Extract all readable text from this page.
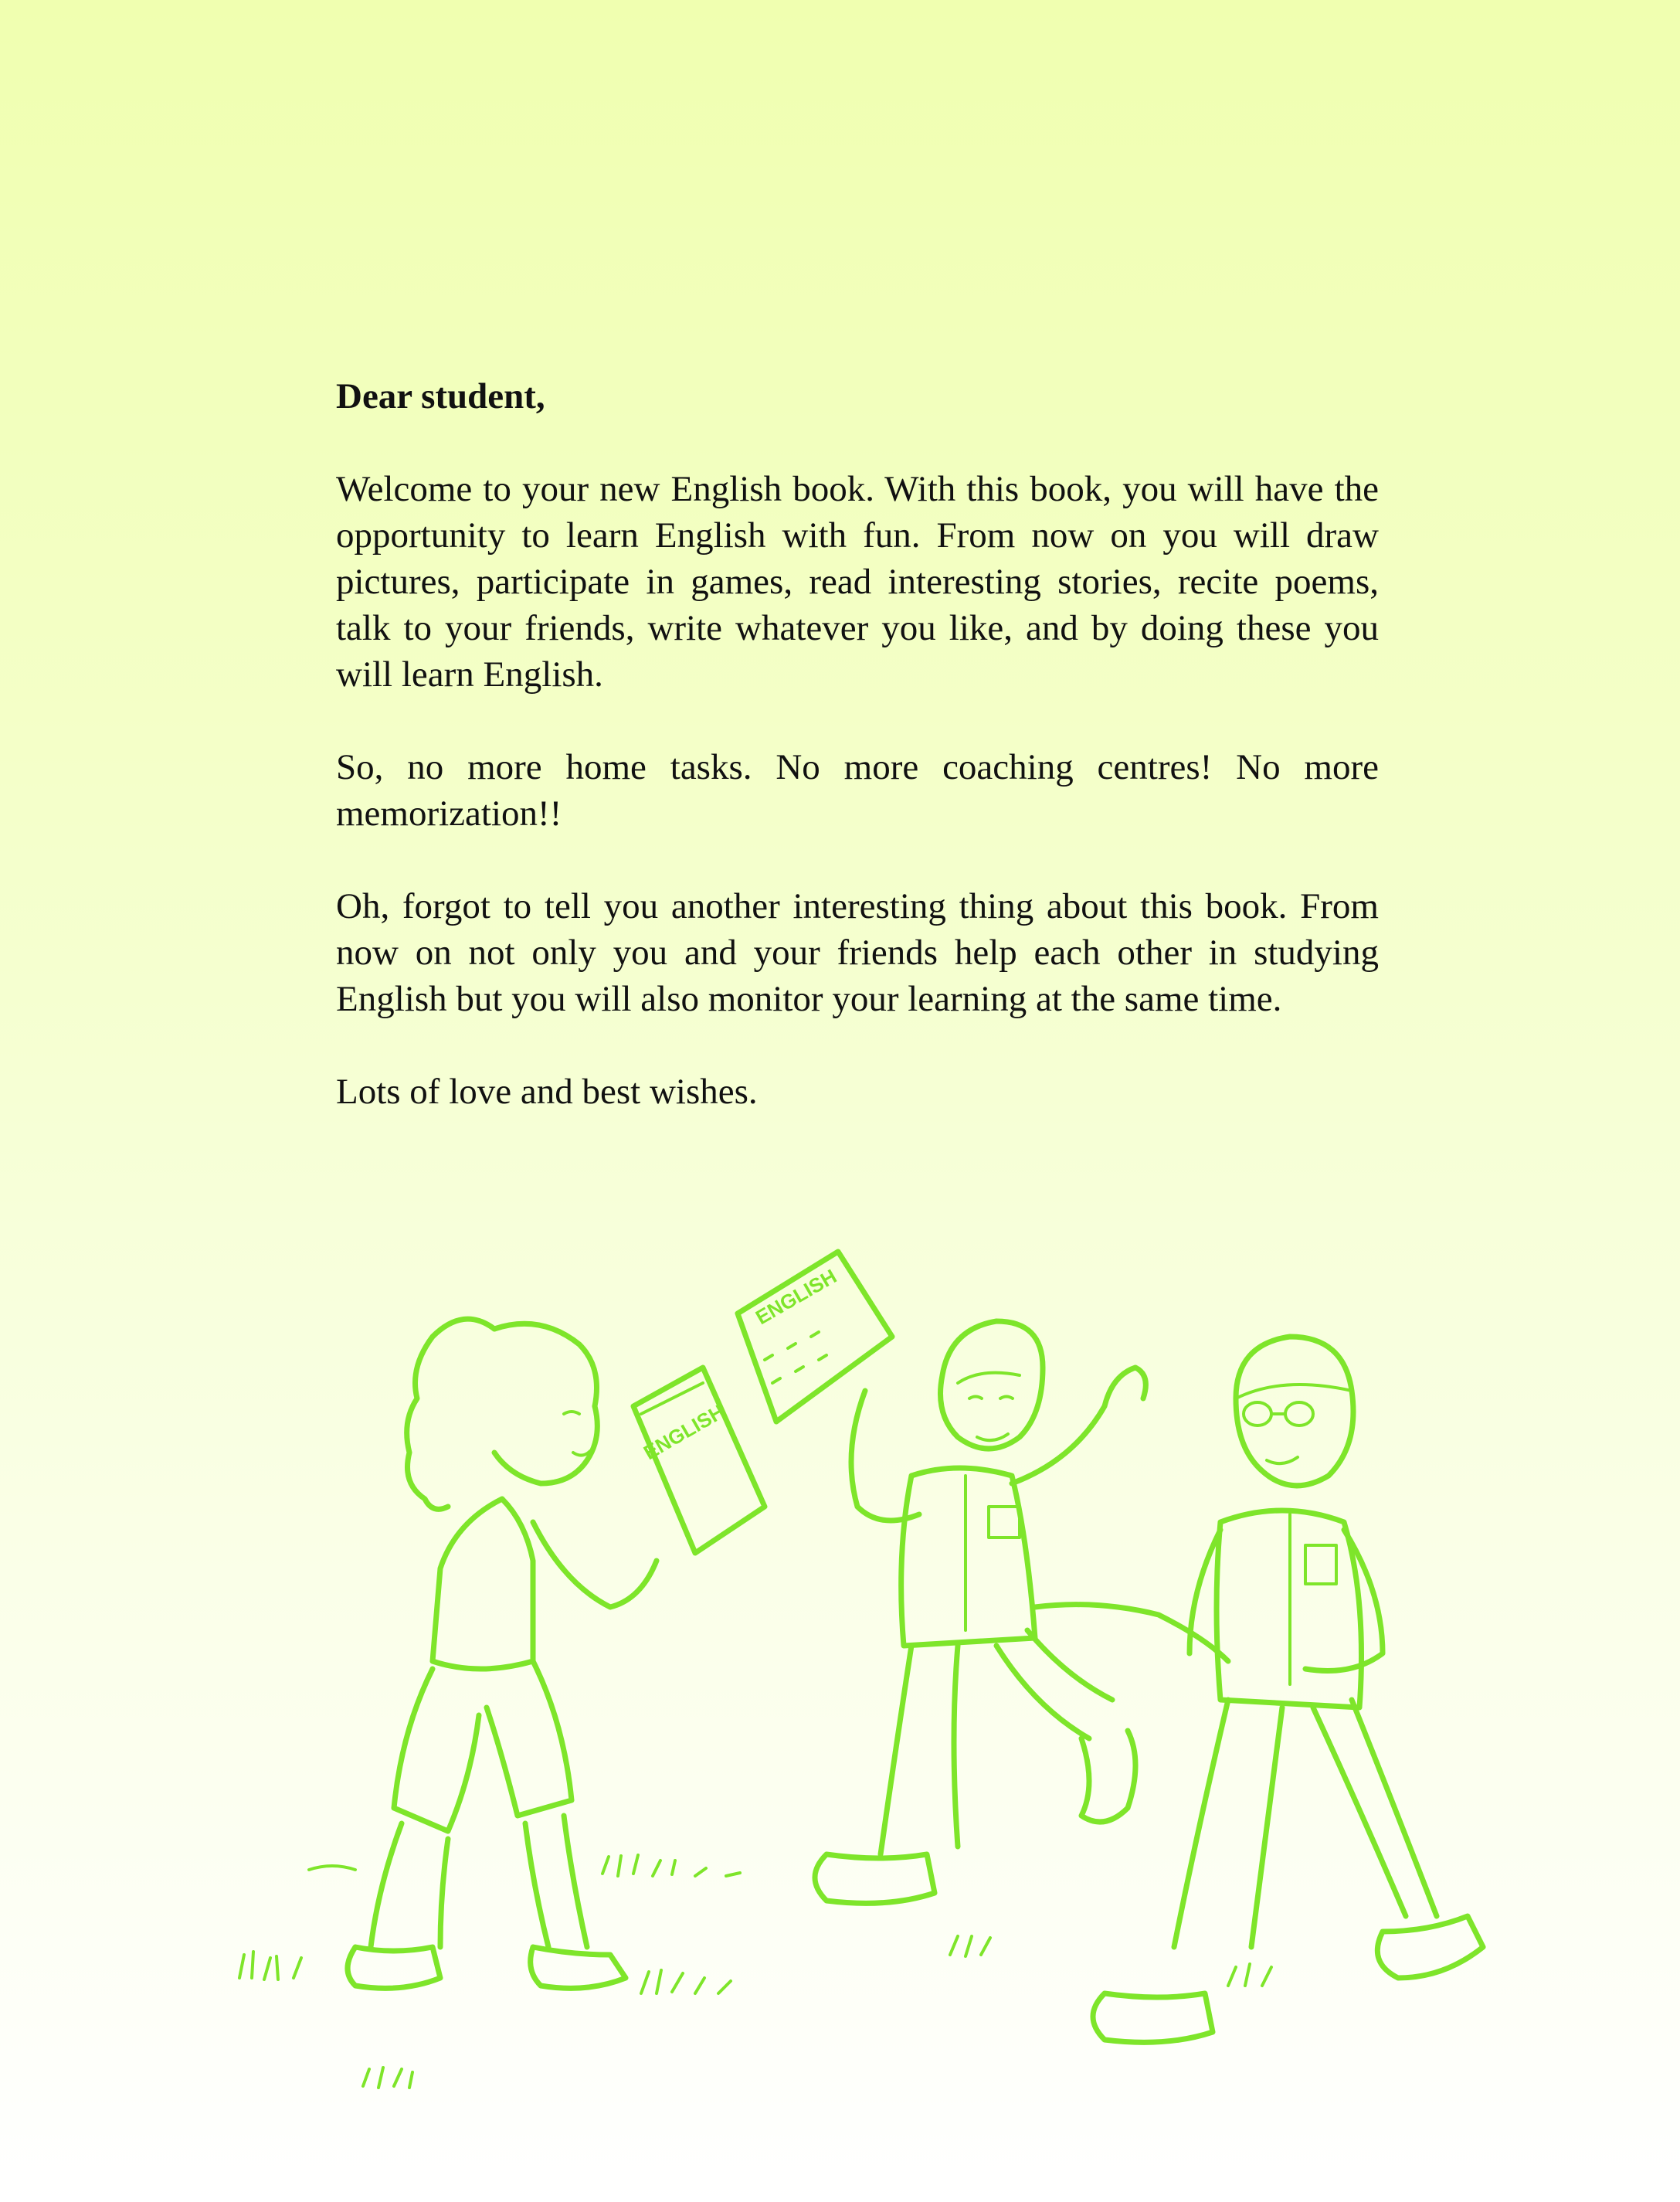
Dear student,

Welcome to your new English book. With this book, you will have the opportunity to learn English with fun. From now on you will draw pictures, participate in games, read interesting stories, recite poems, talk to your friends, write whatever you like, and by doing these you will learn English.

So, no more home tasks. No more coaching centres! No more memorization!!

Oh, forgot to tell you another interesting thing about this book. From now on not only you and your friends help each other in studying English but you will also monitor your learning at the same time.

Lots of love and best wishes.

ENGLISH
ENGLISH
